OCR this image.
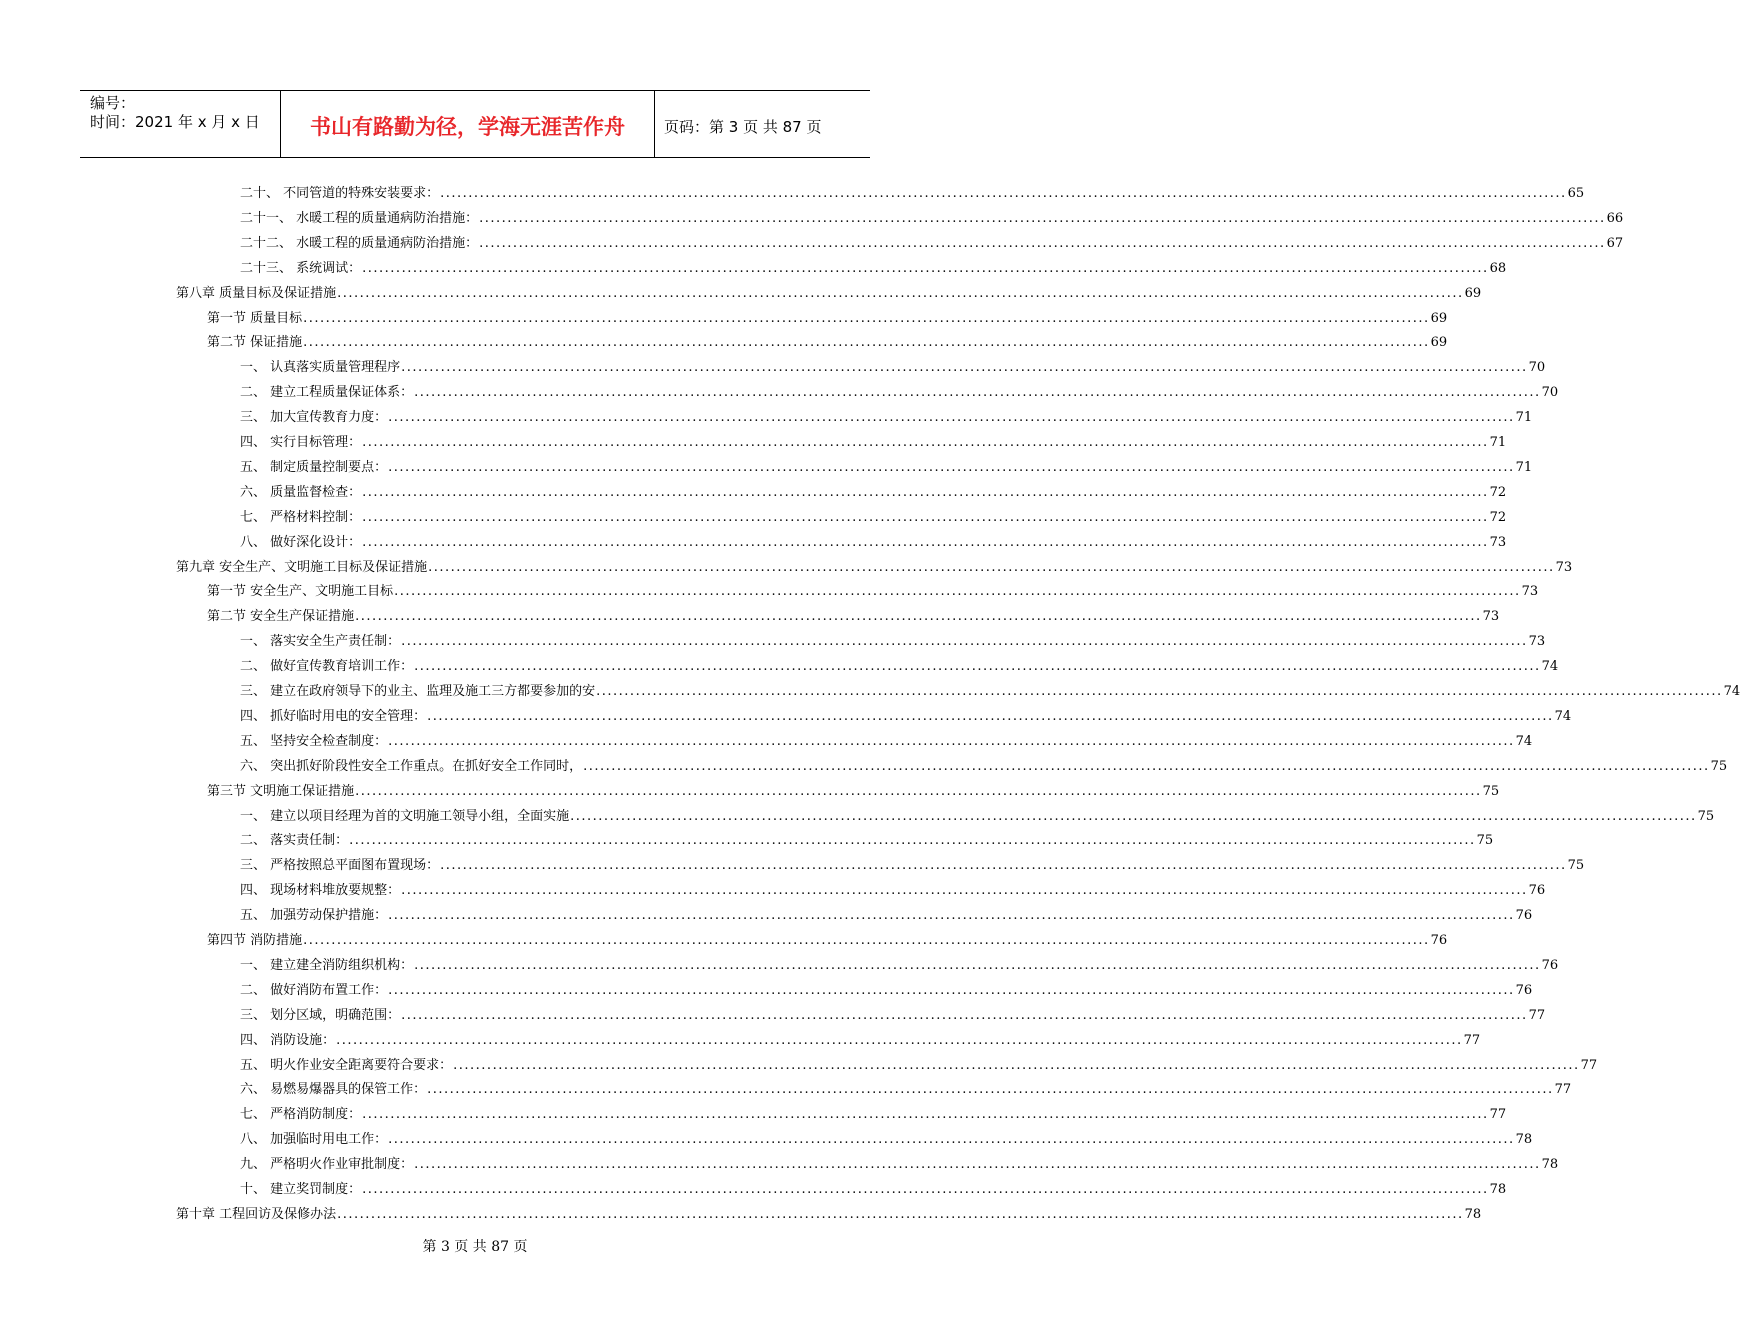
编号：
时间：2021 年 x 月 x 日	书山有路勤为径，学海无涯苦作舟	页码：第 3 页 共 87 页
二十、 不同管道的特殊安装要求： ........................................................................................................................................................................................................ 65
二十一、 水暖工程的质量通病防治措施： ........................................................................................................................................................................................................ 66
二十二、 水暖工程的质量通病防治措施： ........................................................................................................................................................................................................ 67
二十三、 系统调试： ........................................................................................................................................................................................................ 68
第八章 质量目标及保证措施 ........................................................................................................................................................................................................ 69
第一节 质量目标 ........................................................................................................................................................................................................ 69
第二节 保证措施 ........................................................................................................................................................................................................ 69
一、 认真落实质量管理程序 ........................................................................................................................................................................................................ 70
二、 建立工程质量保证体系： ........................................................................................................................................................................................................ 70
三、 加大宣传教育力度： ........................................................................................................................................................................................................ 71
四、 实行目标管理： ........................................................................................................................................................................................................ 71
五、 制定质量控制要点： ........................................................................................................................................................................................................ 71
六、 质量监督检查： ........................................................................................................................................................................................................ 72
七、 严格材料控制： ........................................................................................................................................................................................................ 72
八、 做好深化设计： ........................................................................................................................................................................................................ 73
第九章 安全生产、文明施工目标及保证措施 ........................................................................................................................................................................................................ 73
第一节 安全生产、文明施工目标 ........................................................................................................................................................................................................ 73
第二节 安全生产保证措施 ........................................................................................................................................................................................................ 73
一、 落实安全生产责任制： ........................................................................................................................................................................................................ 73
二、 做好宣传教育培训工作： ........................................................................................................................................................................................................ 74
三、 建立在政府领导下的业主、监理及施工三方都要参加的安 ........................................................................................................................................................................................................ 74
四、 抓好临时用电的安全管理： ........................................................................................................................................................................................................ 74
五、 坚持安全检查制度： ........................................................................................................................................................................................................ 74
六、 突出抓好阶段性安全工作重点。在抓好安全工作同时， ........................................................................................................................................................................................................ 75
第三节 文明施工保证措施 ........................................................................................................................................................................................................ 75
一、 建立以项目经理为首的文明施工领导小组，全面实施 ........................................................................................................................................................................................................ 75
二、 落实责任制： ........................................................................................................................................................................................................ 75
三、 严格按照总平面图布置现场： ........................................................................................................................................................................................................ 75
四、 现场材料堆放要规整： ........................................................................................................................................................................................................ 76
五、 加强劳动保护措施： ........................................................................................................................................................................................................ 76
第四节 消防措施 ........................................................................................................................................................................................................ 76
一、 建立建全消防组织机构： ........................................................................................................................................................................................................ 76
二、 做好消防布置工作： ........................................................................................................................................................................................................ 76
三、 划分区域，明确范围： ........................................................................................................................................................................................................ 77
四、 消防设施： ........................................................................................................................................................................................................ 77
五、 明火作业安全距离要符合要求： ........................................................................................................................................................................................................ 77
六、 易燃易爆器具的保管工作： ........................................................................................................................................................................................................ 77
七、 严格消防制度： ........................................................................................................................................................................................................ 77
八、 加强临时用电工作： ........................................................................................................................................................................................................ 78
九、 严格明火作业审批制度： ........................................................................................................................................................................................................ 78
十、 建立奖罚制度： ........................................................................................................................................................................................................ 78
第十章 工程回访及保修办法 ........................................................................................................................................................................................................ 78
第 3 页 共 87 页
